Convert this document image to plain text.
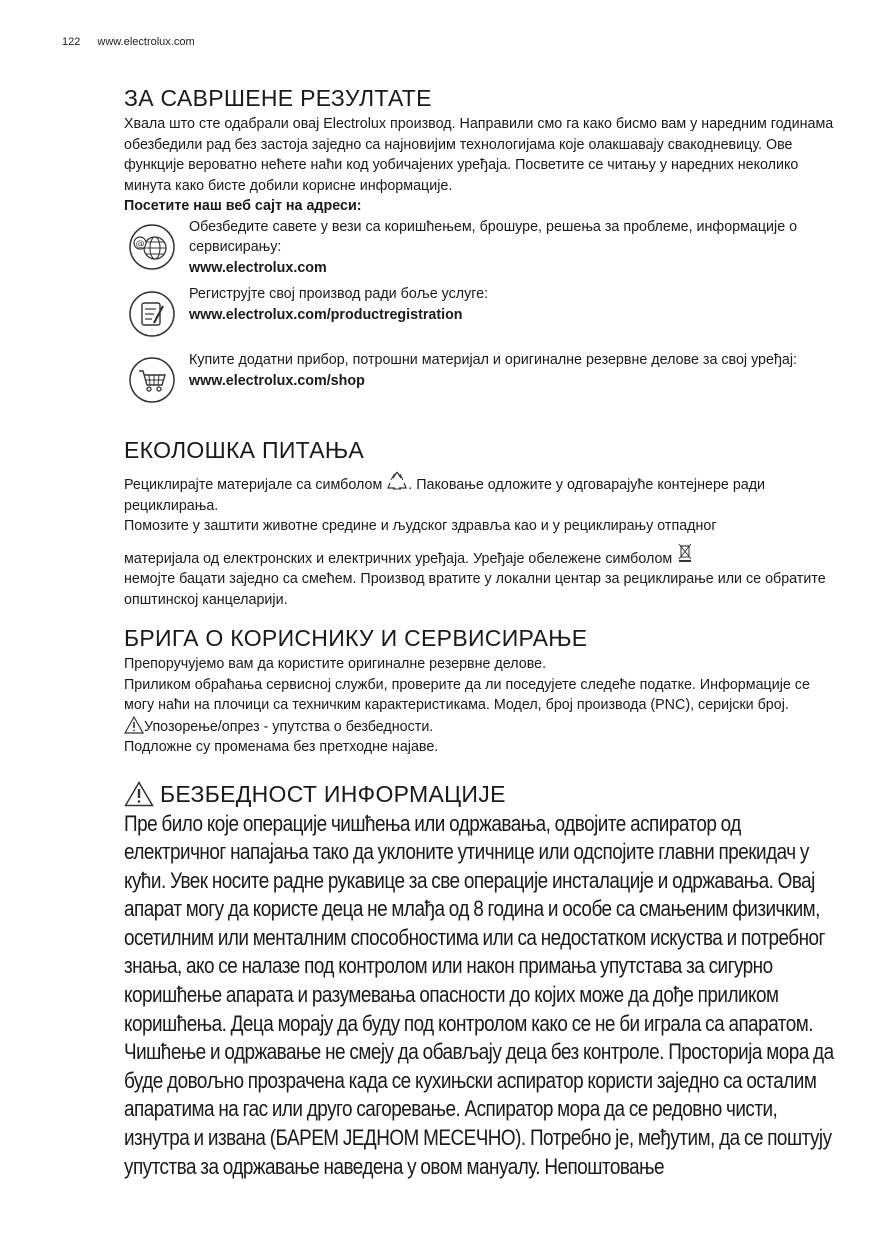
122 www.electrolux.com
ЗА САВРШЕНЕ РЕЗУЛТАТЕ

Хвала што сте одабрали овај Electrolux производ. Направили смо га како бисмо вам у наредним годинама обезбедили рад без застоја заједно са најновијим технологијама које олакшавају свакодневицу. Ове функције вероватно нећете наћи код уобичајених уређаја. Посветите се читању у наредних неколико минута како бисте добили корисне информације.

Посетите наш веб сајт на адреси:
@

Обезбедите савете у вези са коришћењем, брошуре, решења за проблеме, информације о сервисирању:

www.electrolux.com

Региструјте свој производ ради боље услуге:

www.electrolux.com/productregistration

Купите додатни прибор, потрошни материјал и оригиналне резервне делове за свој уређај:

www.electrolux.com/shop

ЕКОЛОШКА ПИТАЊА

Рециклирајте материјале са симболом . Паковање одложите у одговарајуће контејнере ради рециклирања.

Помозите у заштити животне средине и људског здравља као и у рециклирању отпадног

материјала од електронских и електричних уређаја. Уређаје обележене симболом
немојте бацати заједно са смећем. Производ вратите у локални центар за рециклирање или се обратите општинској канцеларији.

БРИГА О КОРИСНИКУ И СЕРВИСИРАЊЕ

Препоручујемо вам да користите оригиналне резервне делове.

Приликом обраћања сервисној служби, проверите да ли поседујете следеће податке. Информације се могу наћи на плочици са техничким карактеристикама. Модел, број производа (PNC), серијски број.

Упозорење/опрез - упутства о безбедности.

Подложне су променама без претходне најаве.

БЕЗБЕДНОСТ ИНФОРМАЦИЈЕ

Пре било које операције чишћења или одржавања, одвојите аспиратор од електричног напајања тако да уклоните утичнице или одспојите главни прекидач у кући. Увек носите радне рукавице за све операције инсталације и одржавања. Овај апарат могу да користе деца не млађа од 8 година и особе са смањеним физичким, осетилним или менталним способностима или са недостатком искуства и потребног знања, ако се налазе под контролом или након примања упутстава за сигурно коришћење апарата и разумевања опасности до којих може да дође приликом коришћења. Деца морају да буду под контролом како се не би играла са апаратом. Чишћење и одржавање не смеју да обављају деца без контроле. Просторија мора да буде довољно прозрачена када се кухињски аспиратор користи заједно са осталим апаратима на гас или друго сагоревање. Аспиратор мора да се редовно чисти, изнутра и извана (БАРЕМ ЈЕДНОМ МЕСЕЧНО). Потребно је, међутим, да се поштују упутства за одржавање наведена у овом мануалу. Непоштовање
